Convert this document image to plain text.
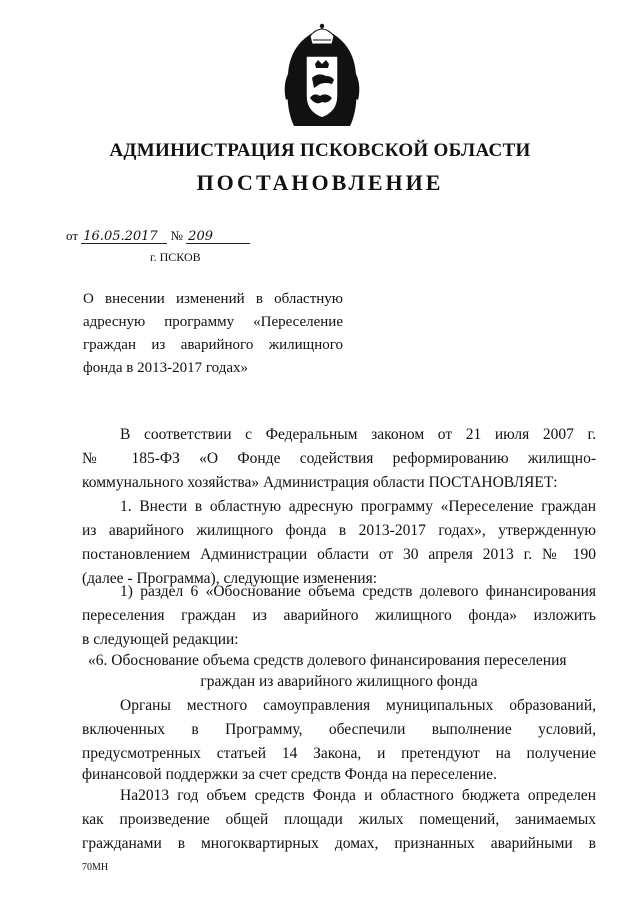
АДМИНИСТРАЦИЯ ПСКОВСКОЙ ОБЛАСТИ
ПОСТАНОВЛЕНИЕ
от 16.05.2017 № 209
г. ПСКОВ
О внесении изменений в областную
адресную программу «Переселение
граждан из аварийного жилищного
фонда в 2013-2017 годах»
В соответствии с Федеральным законом от 21 июля 2007 г.
№ 185-ФЗ «О Фонде содействия реформированию жилищно-
коммунального хозяйства» Администрация области ПОСТАНОВЛЯЕТ:
1. Внести в областную адресную программу «Переселение граждан
из аварийного жилищного фонда в 2013-2017 годах», утвержденную
постановлением Администрации области от 30 апреля 2013 г. № 190
(далее - Программа), следующие изменения:
1) раздел 6 «Обоснование объема средств долевого финансирования
переселения граждан из аварийного жилищного фонда» изложить
в следующей редакции:
«6. Обоснование объема средств долевого финансирования переселения
граждан из аварийного жилищного фонда
Органы местного самоуправления муниципальных образований,
включенных в Программу, обеспечили выполнение условий,
предусмотренных статьей 14 Закона, и претендуют на получение
финансовой поддержки за счет средств Фонда на переселение.
На2013 год объем средств Фонда и областного бюджета определен
как произведение общей площади жилых помещений, занимаемых
гражданами в многоквартирных домах, признанных аварийными в
70МН
